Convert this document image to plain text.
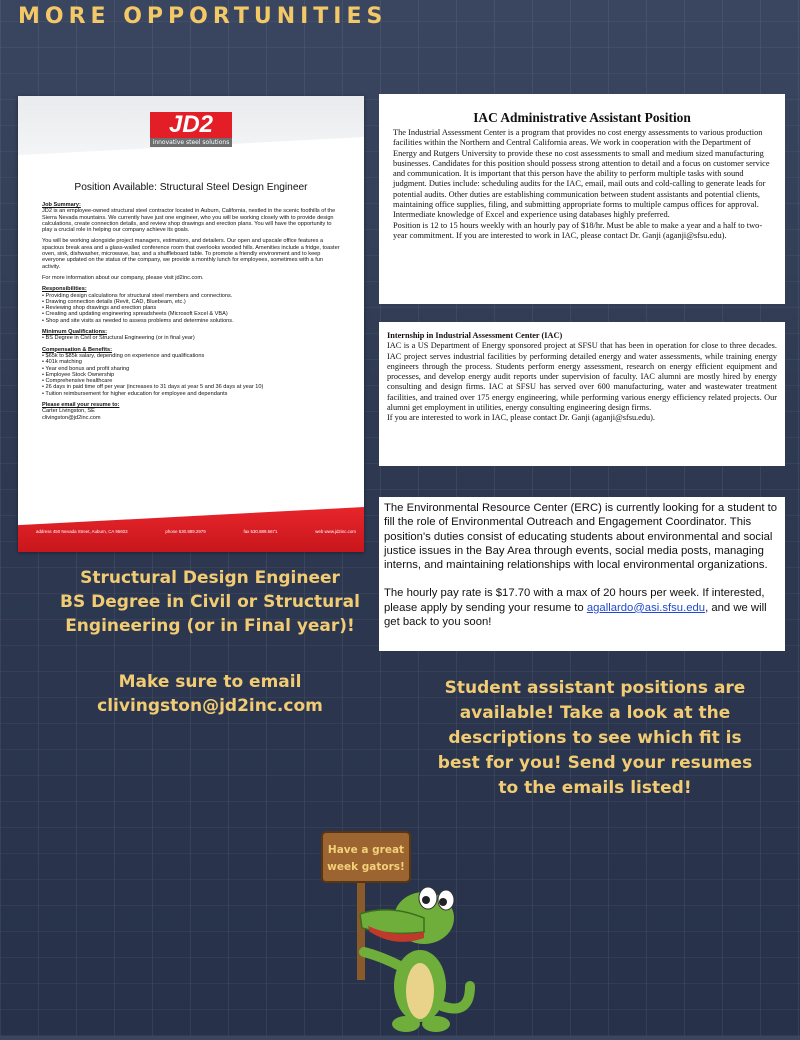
MORE OPPORTUNITIES
JD2
innovative steel solutions
Position Available: Structural Steel Design Engineer
Job Summary:

JD2 is an employee-owned structural steel contractor located in Auburn, California, nestled in the scenic foothills of the Sierra Nevada mountains. We currently have just one engineer, who you will be working closely with to provide design calculations, create connection details, and review shop drawings and erection plans. You will have the opportunity to play a crucial role in helping our company achieve its goals.

You will be working alongside project managers, estimators, and detailers. Our open and upscale office features a spacious break area and a glass-walled conference room that overlooks wooded hills. Amenities include a fridge, toaster oven, sink, dishwasher, microwave, bar, and a shuffleboard table. To promote a friendly environment and to keep everyone updated on the status of the company, we provide a monthly lunch for employees, sometimes with a fun activity.

For more information about our company, please visit jd2inc.com.

Responsibilities:
• Providing design calculations for structural steel members and connections.
• Drawing connection details (Revit, CAD, Bluebeam, etc.)
• Reviewing shop drawings and erection plans
• Creating and updating engineering spreadsheets (Microsoft Excel & VBA)
• Shop and site visits as needed to assess problems and determine solutions.
Minimum Qualifications:
• BS Degree in Civil or Structural Engineering (or in final year)
Compensation & Benefits:
• $65k to $85k salary, depending on experience and qualifications
• 401k matching
• Year end bonus and profit sharing
• Employee Stock Ownership
• Comprehensive healthcare
• 26 days in paid time off per year (increases to 31 days at year 5 and 36 days at year 10)
• Tuition reimbursement for higher education for employee and dependants
Please email your resume to:
Carter Livingston, SE
clivingston@jd2inc.com
address 450 Nevada Street, Auburn, CA 95603	phone 530.889.2979	fax 530.889.5671	web www.jd2inc.com
IAC Administrative Assistant Position

The Industrial Assessment Center is a program that provides no cost energy assessments to various production facilities within the Northern and Central California areas. We work in cooperation with the Department of Energy and Rutgers University to provide these no cost assessments to small and medium sized manufacturing businesses. Candidates for this position should possess strong attention to detail and a focus on customer service and communication. It is important that this person have the ability to perform multiple tasks with sound judgment. Duties include: scheduling audits for the IAC, email, mail outs and cold-calling to generate leads for potential audits. Other duties are establishing communication between student assistants and potential clients, maintaining office supplies, filing, and submitting appropriate forms to multiple campus offices for approval. Intermediate knowledge of Excel and experience using databases highly preferred.

Position is 12 to 15 hours weekly with an hourly pay of $18/hr. Must be able to make a year and a half to two-year commitment. If you are interested to work in IAC, please contact Dr. Ganji (aganji@sfsu.edu).

Internship in Industrial Assessment Center (IAC)

IAC is a US Department of Energy sponsored project at SFSU that has been in operation for close to three decades. IAC project serves industrial facilities by performing detailed energy and water assessments, while training energy engineers through the process. Students perform energy assessment, research on energy efficient equipment and processes, and develop energy audit reports under supervision of faculty. IAC alumni are mostly hired by energy consulting and design firms. IAC at SFSU has served over 600 manufacturing, water and wastewater treatment facilities, and trained over 175 energy engineering, while performing various energy efficiency related projects. Our alumni get employment in utilities, energy consulting engineering design firms.

If you are interested to work in IAC, please contact Dr. Ganji (aganji@sfsu.edu).

The Environmental Resource Center (ERC) is currently looking for a student to fill the role of Environmental Outreach and Engagement Coordinator. This position's duties consist of educating students about environmental and social justice issues in the Bay Area through events, social media posts, managing interns, and maintaining relationships with local environmental organizations.

The hourly pay rate is $17.70 with a max of 20 hours per week. If interested, please apply by sending your resume to agallardo@asi.sfsu.edu, and we will get back to you soon!

Structural Design Engineer

BS Degree in Civil or Structural

Engineering (or in Final year)!

Make sure to email

clivingston@jd2inc.com

Student assistant positions are

available! Take a look at the

descriptions to see which fit is

best for you! Send your resumes

to the emails listed!

Have a great
week gators!
